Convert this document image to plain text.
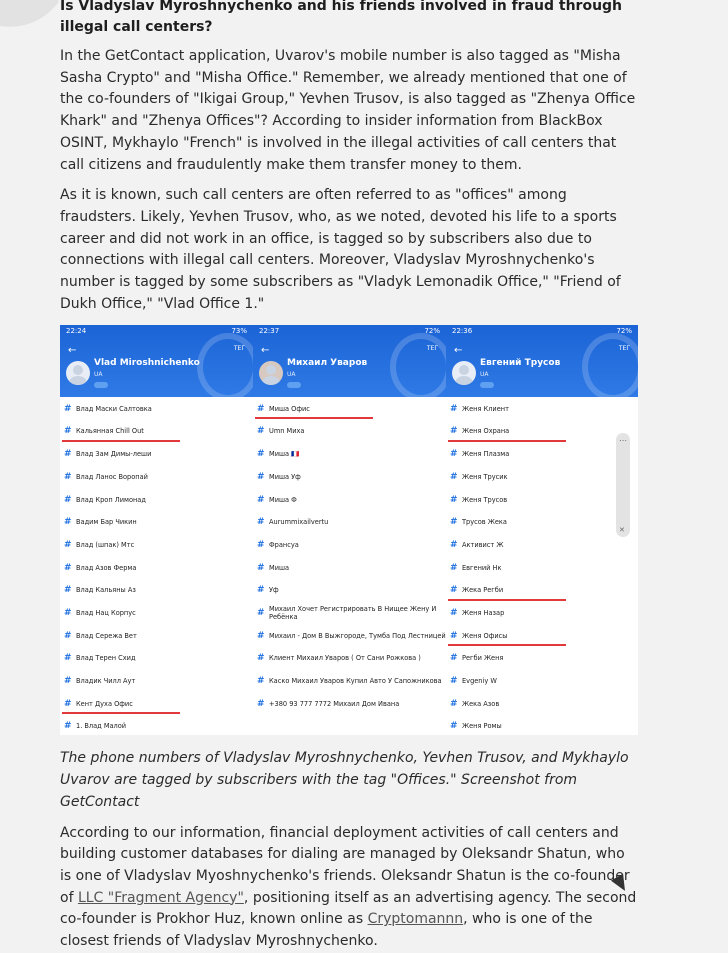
Is Vladyslav Myroshnychenko and his friends involved in fraud through illegal call centers?

In the GetContact application, Uvarov's mobile number is also tagged as "Misha Sasha Crypto" and "Misha Office." Remember, we already mentioned that one of the co-founders of "Ikigai Group," Yevhen Trusov, is also tagged as "Zhenya Office Khark" and "Zhenya Offices"? According to insider information from BlackBox OSINT, Mykhaylo "French" is involved in the illegal activities of call centers that call citizens and fraudulently make them transfer money to them.

As it is known, such call centers are often referred to as "offices" among fraudsters. Likely, Yevhen Trusov, who, as we noted, devoted his life to a sports career and did not work in an office, is tagged so by subscribers also due to connections with illegal call centers. Moreover, Vladyslav Myroshnychenko's number is tagged by some subscribers as "Vladyk Lemonadik Office," "Friend of Dukh Office," "Vlad Office 1."

22:24	73%
←	ТЕГ
Vlad Miroshnichenko
UA
# Влад Маски Салтовка
# Кальянная Chill Out
# Влад Зам Димы-леши
# Влад Ланос Воропай
# Влад Кроп Лимонад
# Вадим Бар Чикин
# Влад (шпак) Мтс
# Влад Азов Ферма
# Влад Кальяны Аз
# Влад Нац Корпус
# Влад Сережа Вет
# Влад Терен Схид
# Владик Чилл Аут
# Кент Духа Офис
# 1. Влад Малой
22:37	72%
←	ТЕГ
Михаил Уваров
UA
# Миша Офис
# Umn Mиxa
# Миша 🇫🇷
# Миша Уф
# Миша Ф
# Aurummixailvertu
# Франсуа
# Миша
# Уф
# Михаил Хочет Регистрировать В Нищее Жену И Ребёнка
# Михаил - Дом В Выжгороде, Тумба Под Лестницей
# Клиент Михаил Уваров ( От Сани Рожкова )
# Каско Михаил Уваров Купил Авто У Сапожникова
# +380 93 777 7772 Михаил Дом Ивана
22:36	72%
←	ТЕГ
Евгений Трусов
UA
# Женя Клиент
# Женя Охрана
# Женя Плазма
# Женя Трусик
# Женя Трусов
# Трусов Жека
# Активист Ж
# Евгений Нк
# Жека Регби
# Женя Назар
# Женя Офисы
# Регби Женя
# Evgeniy W
# Жека Азов
# Женя Ромы
⋯
✕

The phone numbers of Vladyslav Myroshnychenko, Yevhen Trusov, and Mykhaylo Uvarov are tagged by subscribers with the tag "Offices." Screenshot from GetContact

According to our information, financial deployment activities of call centers and building customer databases for dialing are managed by Oleksandr Shatun, who is one of Vladyslav Myoshnychenko's friends. Oleksandr Shatun is the co-founder of LLC "Fragment Agency", positioning itself as an advertising agency. The second co-founder is Prokhor Huz, known online as Cryptomannn, who is one of the closest friends of Vladyslav Myroshnychenko.
